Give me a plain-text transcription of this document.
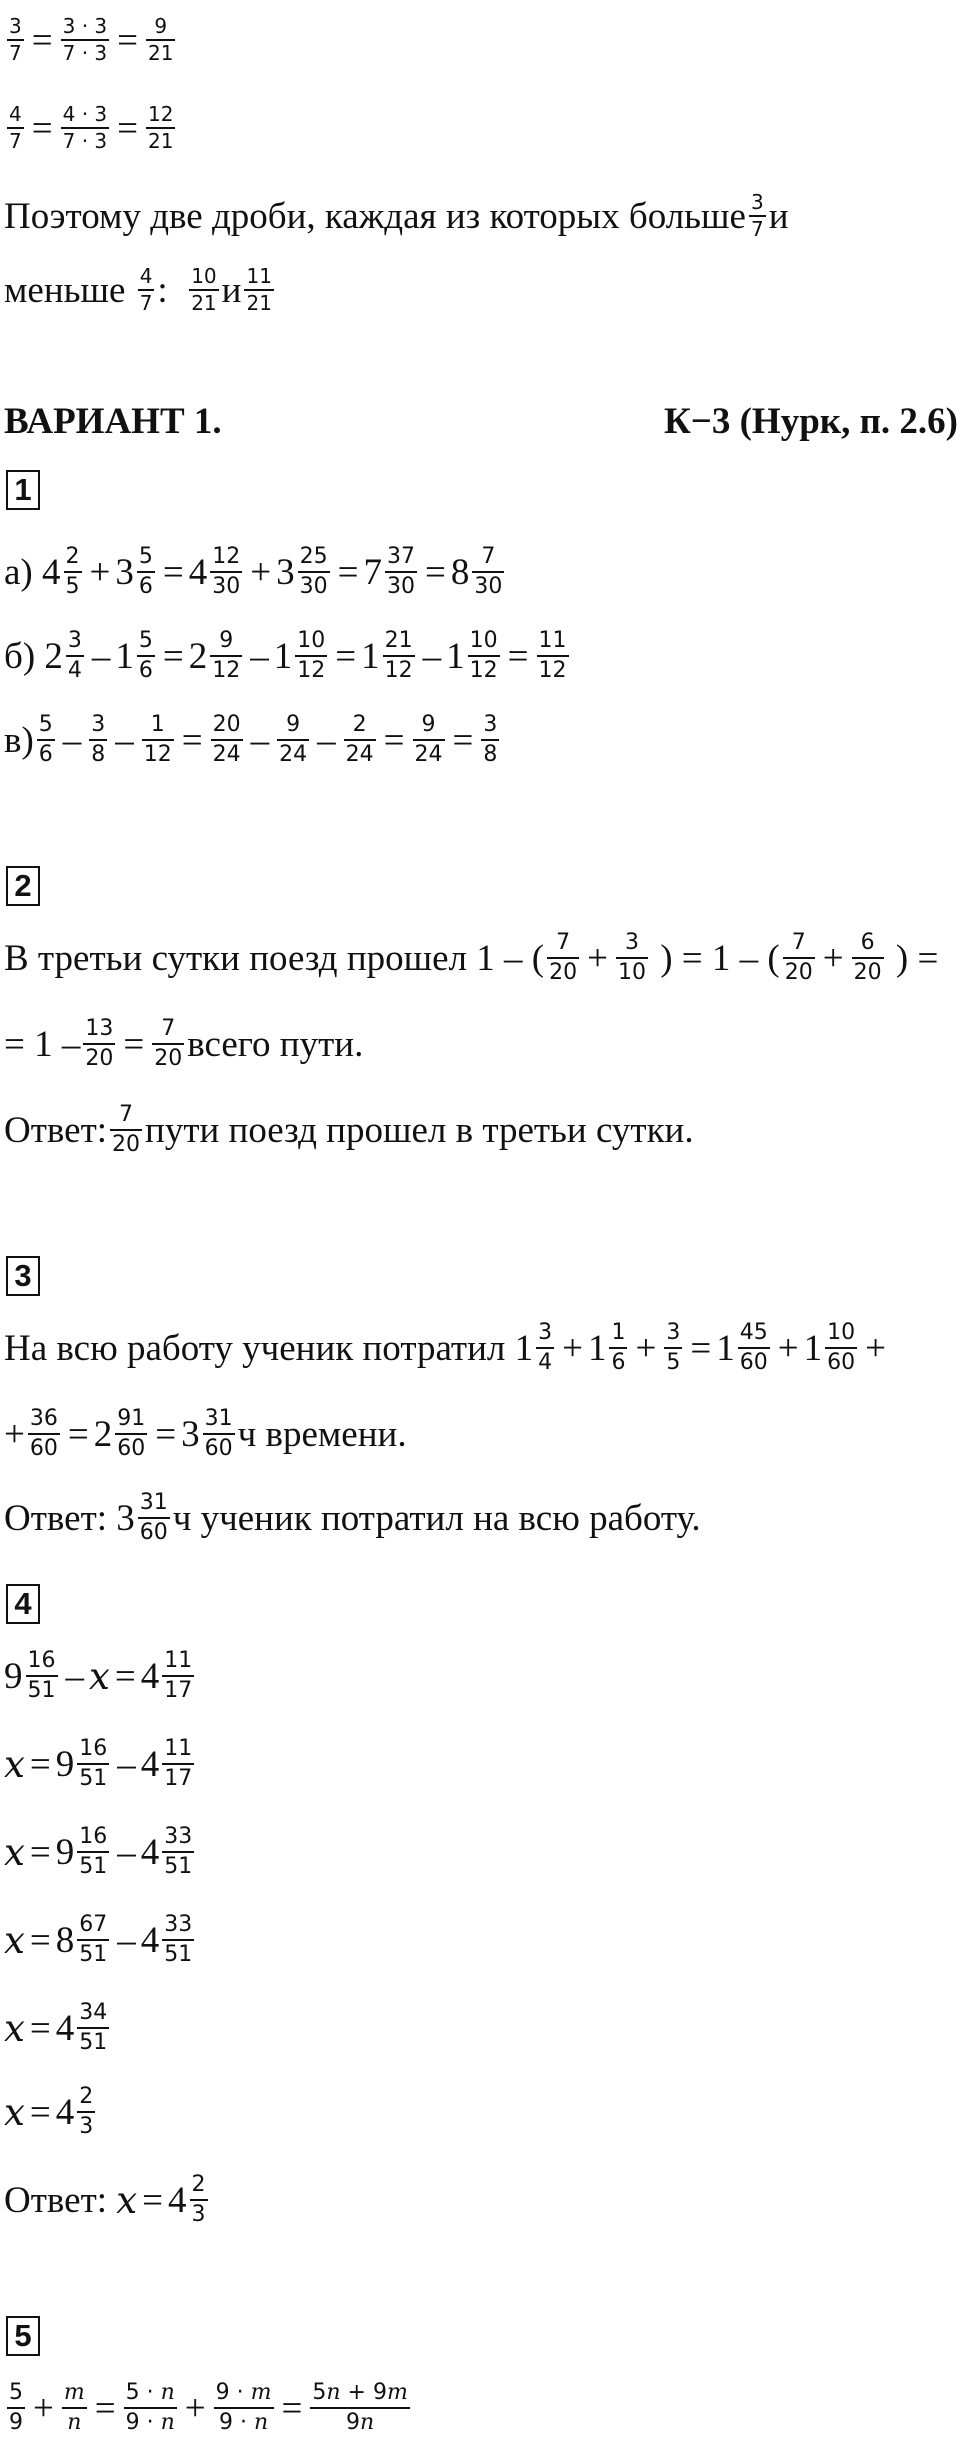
$\frac{3}{7} = \frac{3 \cdot 3}{7 \cdot 3} = \frac{9}{21}$
$\frac{4}{7} = \frac{4 \cdot 3}{7 \cdot 3} = \frac{12}{21}$
Поэтому две дроби, каждая из которых больше $\frac{3}{7}$ и
меньше
$\frac{4}{7}$ :
$\frac{10}{21}$ и $\frac{11}{21}$
ВАРИАНТ 1.	К−3 (Нурк, п. 2.6)
1
а) $4 \frac{2}{5} + 3 \frac{5}{6} = 4 \frac{12}{30} + 3 \frac{25}{30} = 7 \frac{37}{30} = 8 \frac{7}{30}$
б) $2 \frac{3}{4} - 1 \frac{5}{6} = 2 \frac{9}{12} - 1 \frac{10}{12} = 1 \frac{21}{12} - 1 \frac{10}{12} = \frac{11}{12}$
$в) \frac{5}{6} - \frac{3}{8} - \frac{1}{12} = \frac{20}{24} - \frac{9}{24} - \frac{2}{24} = \frac{9}{24} = \frac{3}{8}$
2
В третьи сутки поезд прошел 1 – ( $\frac{7}{20} + \frac{3}{10}$ ) = 1 – ( $\frac{7}{20} + \frac{6}{20}$ ) =
= $1 - \frac{13}{20} = \frac{7}{20}$ всего пути.
Ответ: $\frac{7}{20}$ пути поезд прошел в третьи сутки.
3
На всю работу ученик потратил $1 \frac{3}{4} + 1 \frac{1}{6} + \frac{3}{5} = 1 \frac{45}{60} + 1 \frac{10}{60}$ +
+ $\frac{36}{60} = 2 \frac{91}{60} = 3 \frac{31}{60}$ ч времени.
Ответ: $3 \frac{31}{60}$ ч ученик потратил на всю работу.
4
$9 \frac{16}{51} - x = 4 \frac{11}{17}$
$x = 9 \frac{16}{51} - 4 \frac{11}{17}$
$x = 9 \frac{16}{51} - 4 \frac{33}{51}$
$x = 8 \frac{67}{51} - 4 \frac{33}{51}$
$x = 4 \frac{34}{51}$
$x = 4 \frac{2}{3}$
Ответ:
$x = 4 \frac{2}{3}$
5
$\frac{5}{9} + \frac{m}{n} = \frac{5 \cdot n}{9 \cdot n} + \frac{9 \cdot m}{9 \cdot n} = \frac{5n + 9m}{9n}$
